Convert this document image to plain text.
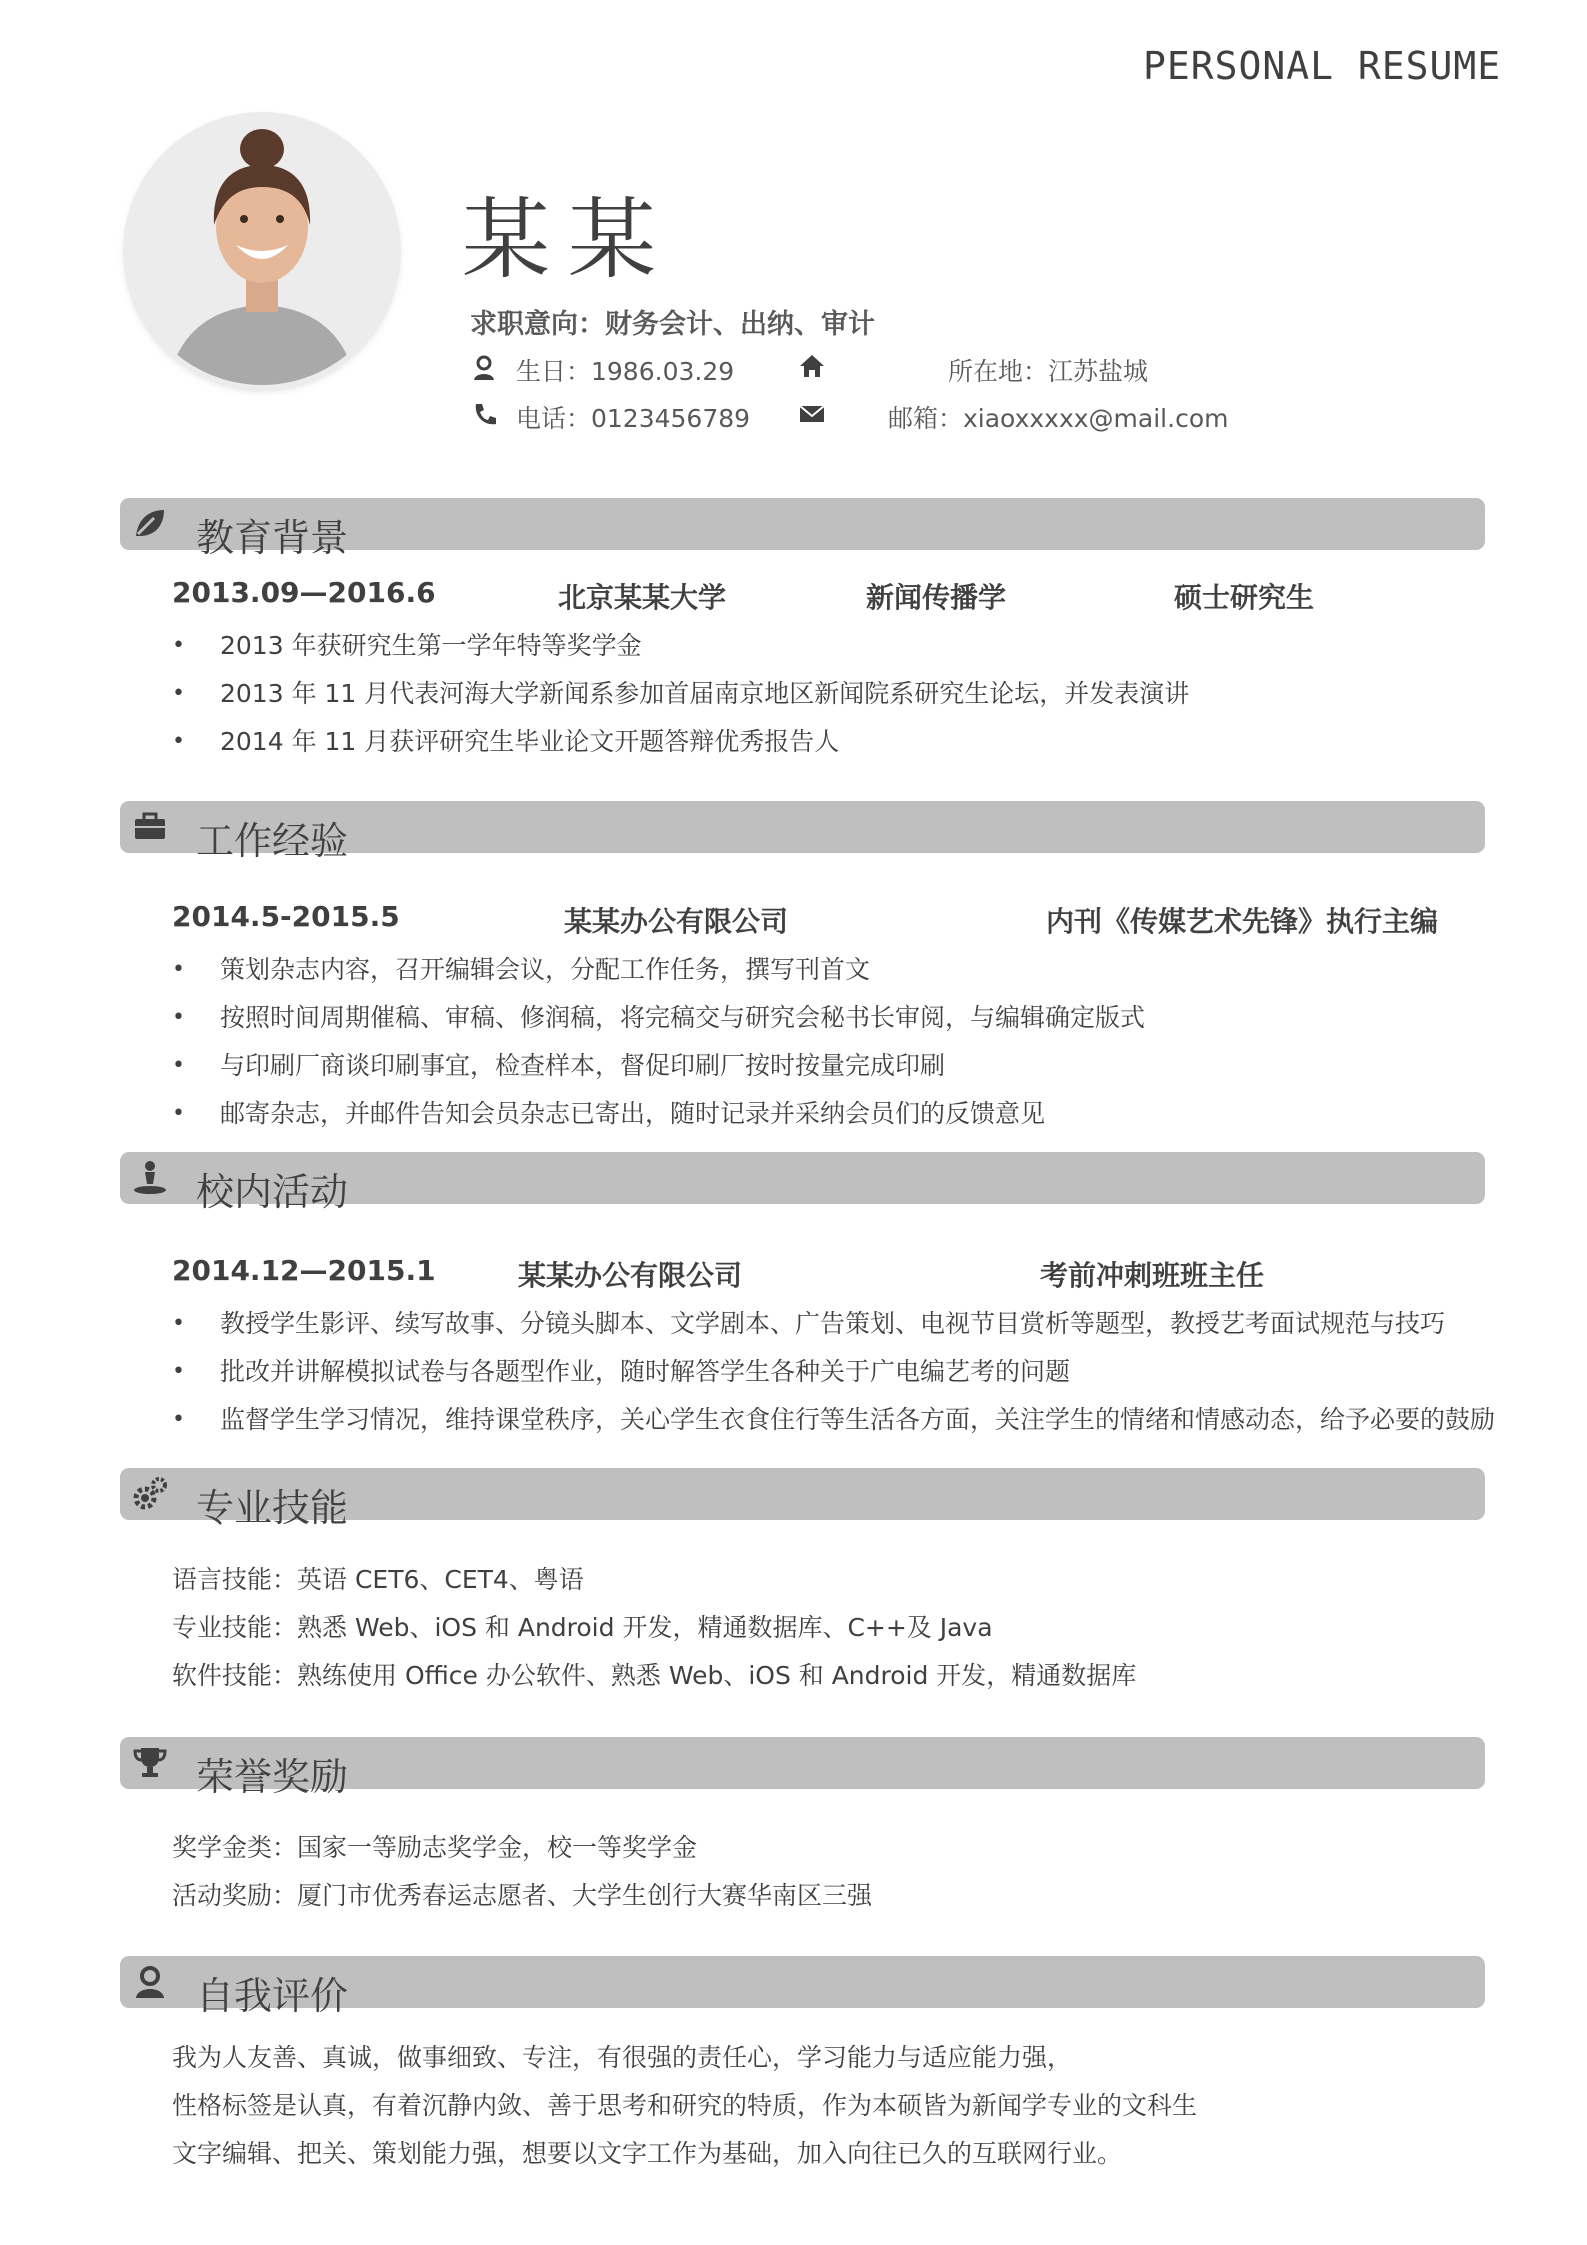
PERSONAL RESUME
某某
求职意向：财务会计、出纳、审计
生日：1986.03.29	所在地：江苏盐城
电话：0123456789	邮箱：xiaoxxxxx@mail.com
教育背景
2013.09—2016.6	北京某某大学	新闻传播学	硕士研究生
• 2013 年获研究生第一学年特等奖学金
• 2013 年 11 月代表河海大学新闻系参加首届南京地区新闻院系研究生论坛，并发表演讲
• 2014 年 11 月获评研究生毕业论文开题答辩优秀报告人
工作经验
2014.5-2015.5	某某办公有限公司	内刊《传媒艺术先锋》执行主编
• 策划杂志内容，召开编辑会议，分配工作任务，撰写刊首文
• 按照时间周期催稿、审稿、修润稿，将完稿交与研究会秘书长审阅，与编辑确定版式
• 与印刷厂商谈印刷事宜，检查样本，督促印刷厂按时按量完成印刷
• 邮寄杂志，并邮件告知会员杂志已寄出，随时记录并采纳会员们的反馈意见
校内活动
2014.12—2015.1	某某办公有限公司	考前冲刺班班主任
• 教授学生影评、续写故事、分镜头脚本、文学剧本、广告策划、电视节目赏析等题型，教授艺考面试规范与技巧
• 批改并讲解模拟试卷与各题型作业，随时解答学生各种关于广电编艺考的问题
• 监督学生学习情况，维持课堂秩序，关心学生衣食住行等生活各方面，关注学生的情绪和情感动态，给予必要的鼓励
专业技能
语言技能：英语 CET6、CET4、粤语
专业技能：熟悉 Web、iOS 和 Android 开发，精通数据库、C++及 Java
软件技能：熟练使用 Office 办公软件、熟悉 Web、iOS 和 Android 开发，精通数据库
荣誉奖励
奖学金类：国家一等励志奖学金，校一等奖学金
活动奖励：厦门市优秀春运志愿者、大学生创行大赛华南区三强
自我评价
我为人友善、真诚，做事细致、专注，有很强的责任心，学习能力与适应能力强，
性格标签是认真，有着沉静内敛、善于思考和研究的特质，作为本硕皆为新闻学专业的文科生
文字编辑、把关、策划能力强，想要以文字工作为基础，加入向往已久的互联网行业。
